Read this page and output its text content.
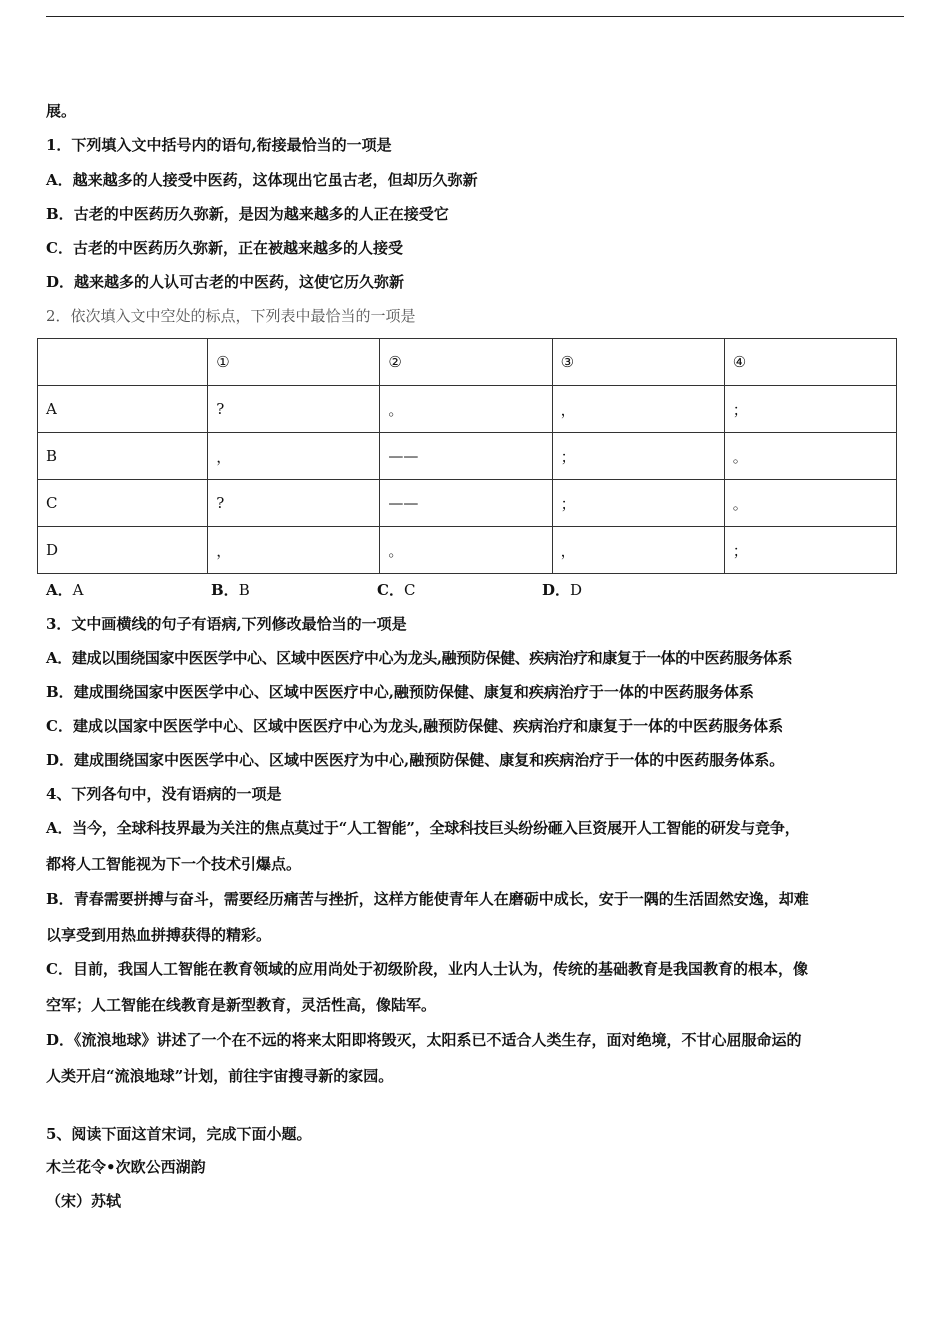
展。
1．下列填入文中括号内的语句,衔接最恰当的一项是
A．越来越多的人接受中医药，这体现出它虽古老，但却历久弥新
B．古老的中医药历久弥新，是因为越来越多的人正在接受它
C．古老的中医药历久弥新，正在被越来越多的人接受
D．越来越多的人认可古老的中医药，这使它历久弥新
2．依次填入文中空处的标点，下列表中最恰当的一项是
	①	②	③	④
A	?	。	，	；
B	，	——	；	。
C	?	——	；	。
D	，	。	，	；
A．A	B．B	C．C	D．D
3．文中画横线的句子有语病,下列修改最恰当的一项是
A．建成以围绕国家中医医学中心、区域中医医疗中心为龙头,融预防保健、疾病治疗和康复于一体的中医药服务体系
B．建成围绕国家中医医学中心、区域中医医疗中心,融预防保健、康复和疾病治疗于一体的中医药服务体系
C．建成以国家中医医学中心、区域中医医疗中心为龙头,融预防保健、疾病治疗和康复于一体的中医药服务体系
D．建成围绕国家中医医学中心、区域中医医疗为中心,融预防保健、康复和疾病治疗于一体的中医药服务体系。
4、下列各句中，没有语病的一项是
A．当今，全球科技界最为关注的焦点莫过于“人工智能”，全球科技巨头纷纷砸入巨资展开人工智能的研发与竞争，
都将人工智能视为下一个技术引爆点。
B．青春需要拼搏与奋斗，需要经历痛苦与挫折，这样方能使青年人在磨砺中成长，安于一隅的生活固然安逸，却难
以享受到用热血拼搏获得的精彩。
C．目前，我国人工智能在教育领域的应用尚处于初级阶段，业内人士认为，传统的基础教育是我国教育的根本，像
空军；人工智能在线教育是新型教育，灵活性高，像陆军。
D．《流浪地球》讲述了一个在不远的将来太阳即将毁灭，太阳系已不适合人类生存，面对绝境，不甘心屈服命运的
人类开启“流浪地球”计划，前往宇宙搜寻新的家园。
5、阅读下面这首宋词，完成下面小题。
木兰花令•次欧公西湖韵
（宋）苏轼
